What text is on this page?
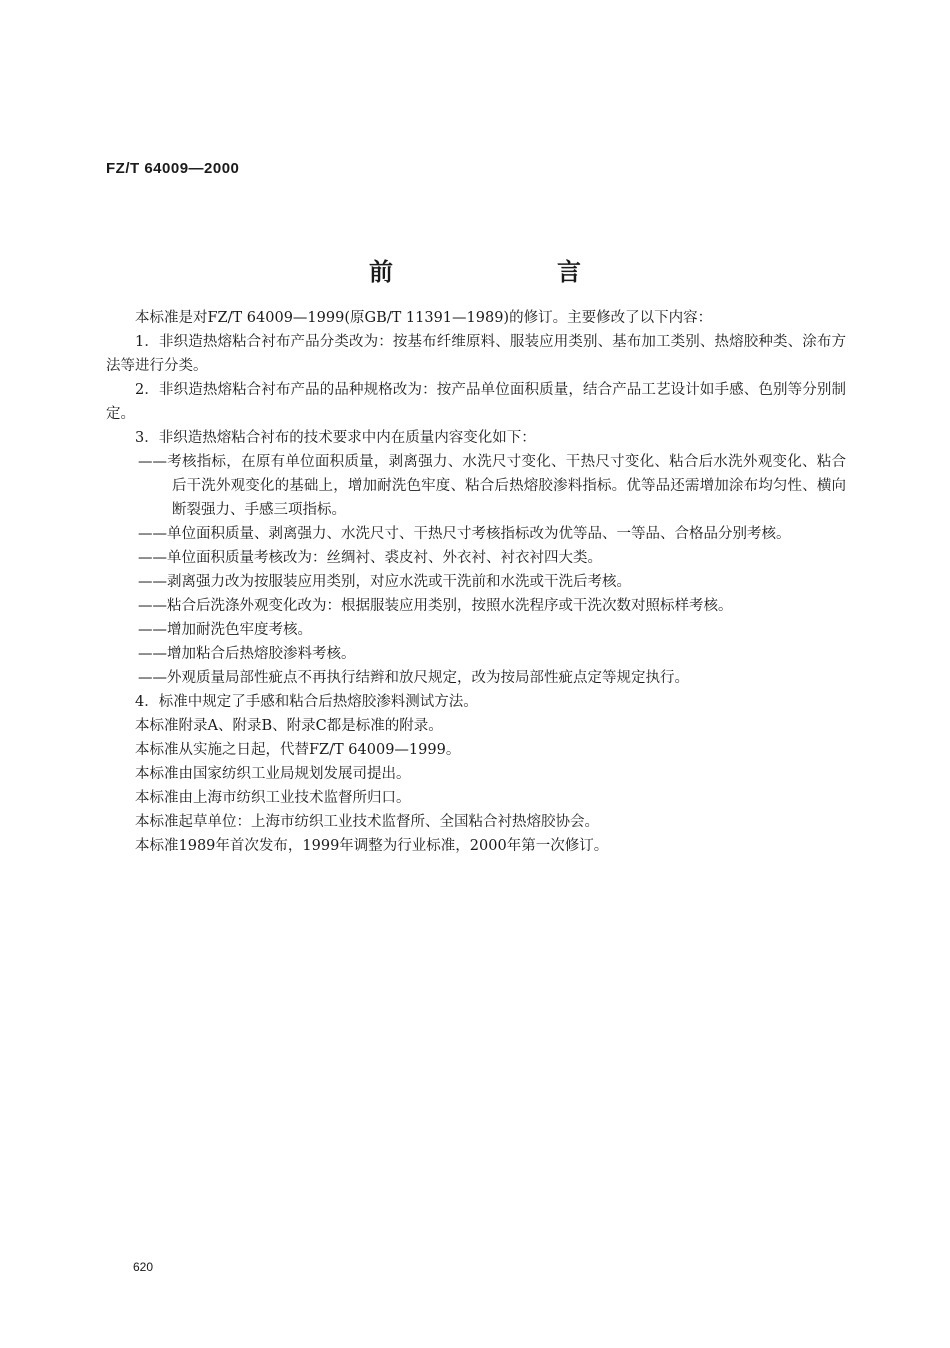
FZ/T 64009—2000
前　言

本标准是对FZ/T 64009—1999(原GB/T 11391—1989)的修订。主要修改了以下内容：

1．非织造热熔粘合衬布产品分类改为：按基布纤维原料、服装应用类别、基布加工类别、热熔胶种类、涂布方法等进行分类。

2．非织造热熔粘合衬布产品的品种规格改为：按产品单位面积质量，结合产品工艺设计如手感、色别等分别制定。

3．非织造热熔粘合衬布的技术要求中内在质量内容变化如下：

——考核指标，在原有单位面积质量，剥离强力、水洗尺寸变化、干热尺寸变化、粘合后水洗外观变化、粘合后干洗外观变化的基础上，增加耐洗色牢度、粘合后热熔胶渗料指标。优等品还需增加涂布均匀性、横向断裂强力、手感三项指标。

——单位面积质量、剥离强力、水洗尺寸、干热尺寸考核指标改为优等品、一等品、合格品分别考核。

——单位面积质量考核改为：丝绸衬、裘皮衬、外衣衬、衬衣衬四大类。

——剥离强力改为按服装应用类别，对应水洗或干洗前和水洗或干洗后考核。

——粘合后洗涤外观变化改为：根据服装应用类别，按照水洗程序或干洗次数对照标样考核。

——增加耐洗色牢度考核。

——增加粘合后热熔胶渗料考核。

——外观质量局部性疵点不再执行结辫和放尺规定，改为按局部性疵点定等规定执行。

4．标准中规定了手感和粘合后热熔胶渗料测试方法。

本标准附录A、附录B、附录C都是标准的附录。

本标准从实施之日起，代替FZ/T 64009—1999。

本标准由国家纺织工业局规划发展司提出。

本标准由上海市纺织工业技术监督所归口。

本标准起草单位：上海市纺织工业技术监督所、全国粘合衬热熔胶协会。

本标准1989年首次发布，1999年调整为行业标准，2000年第一次修订。

620
